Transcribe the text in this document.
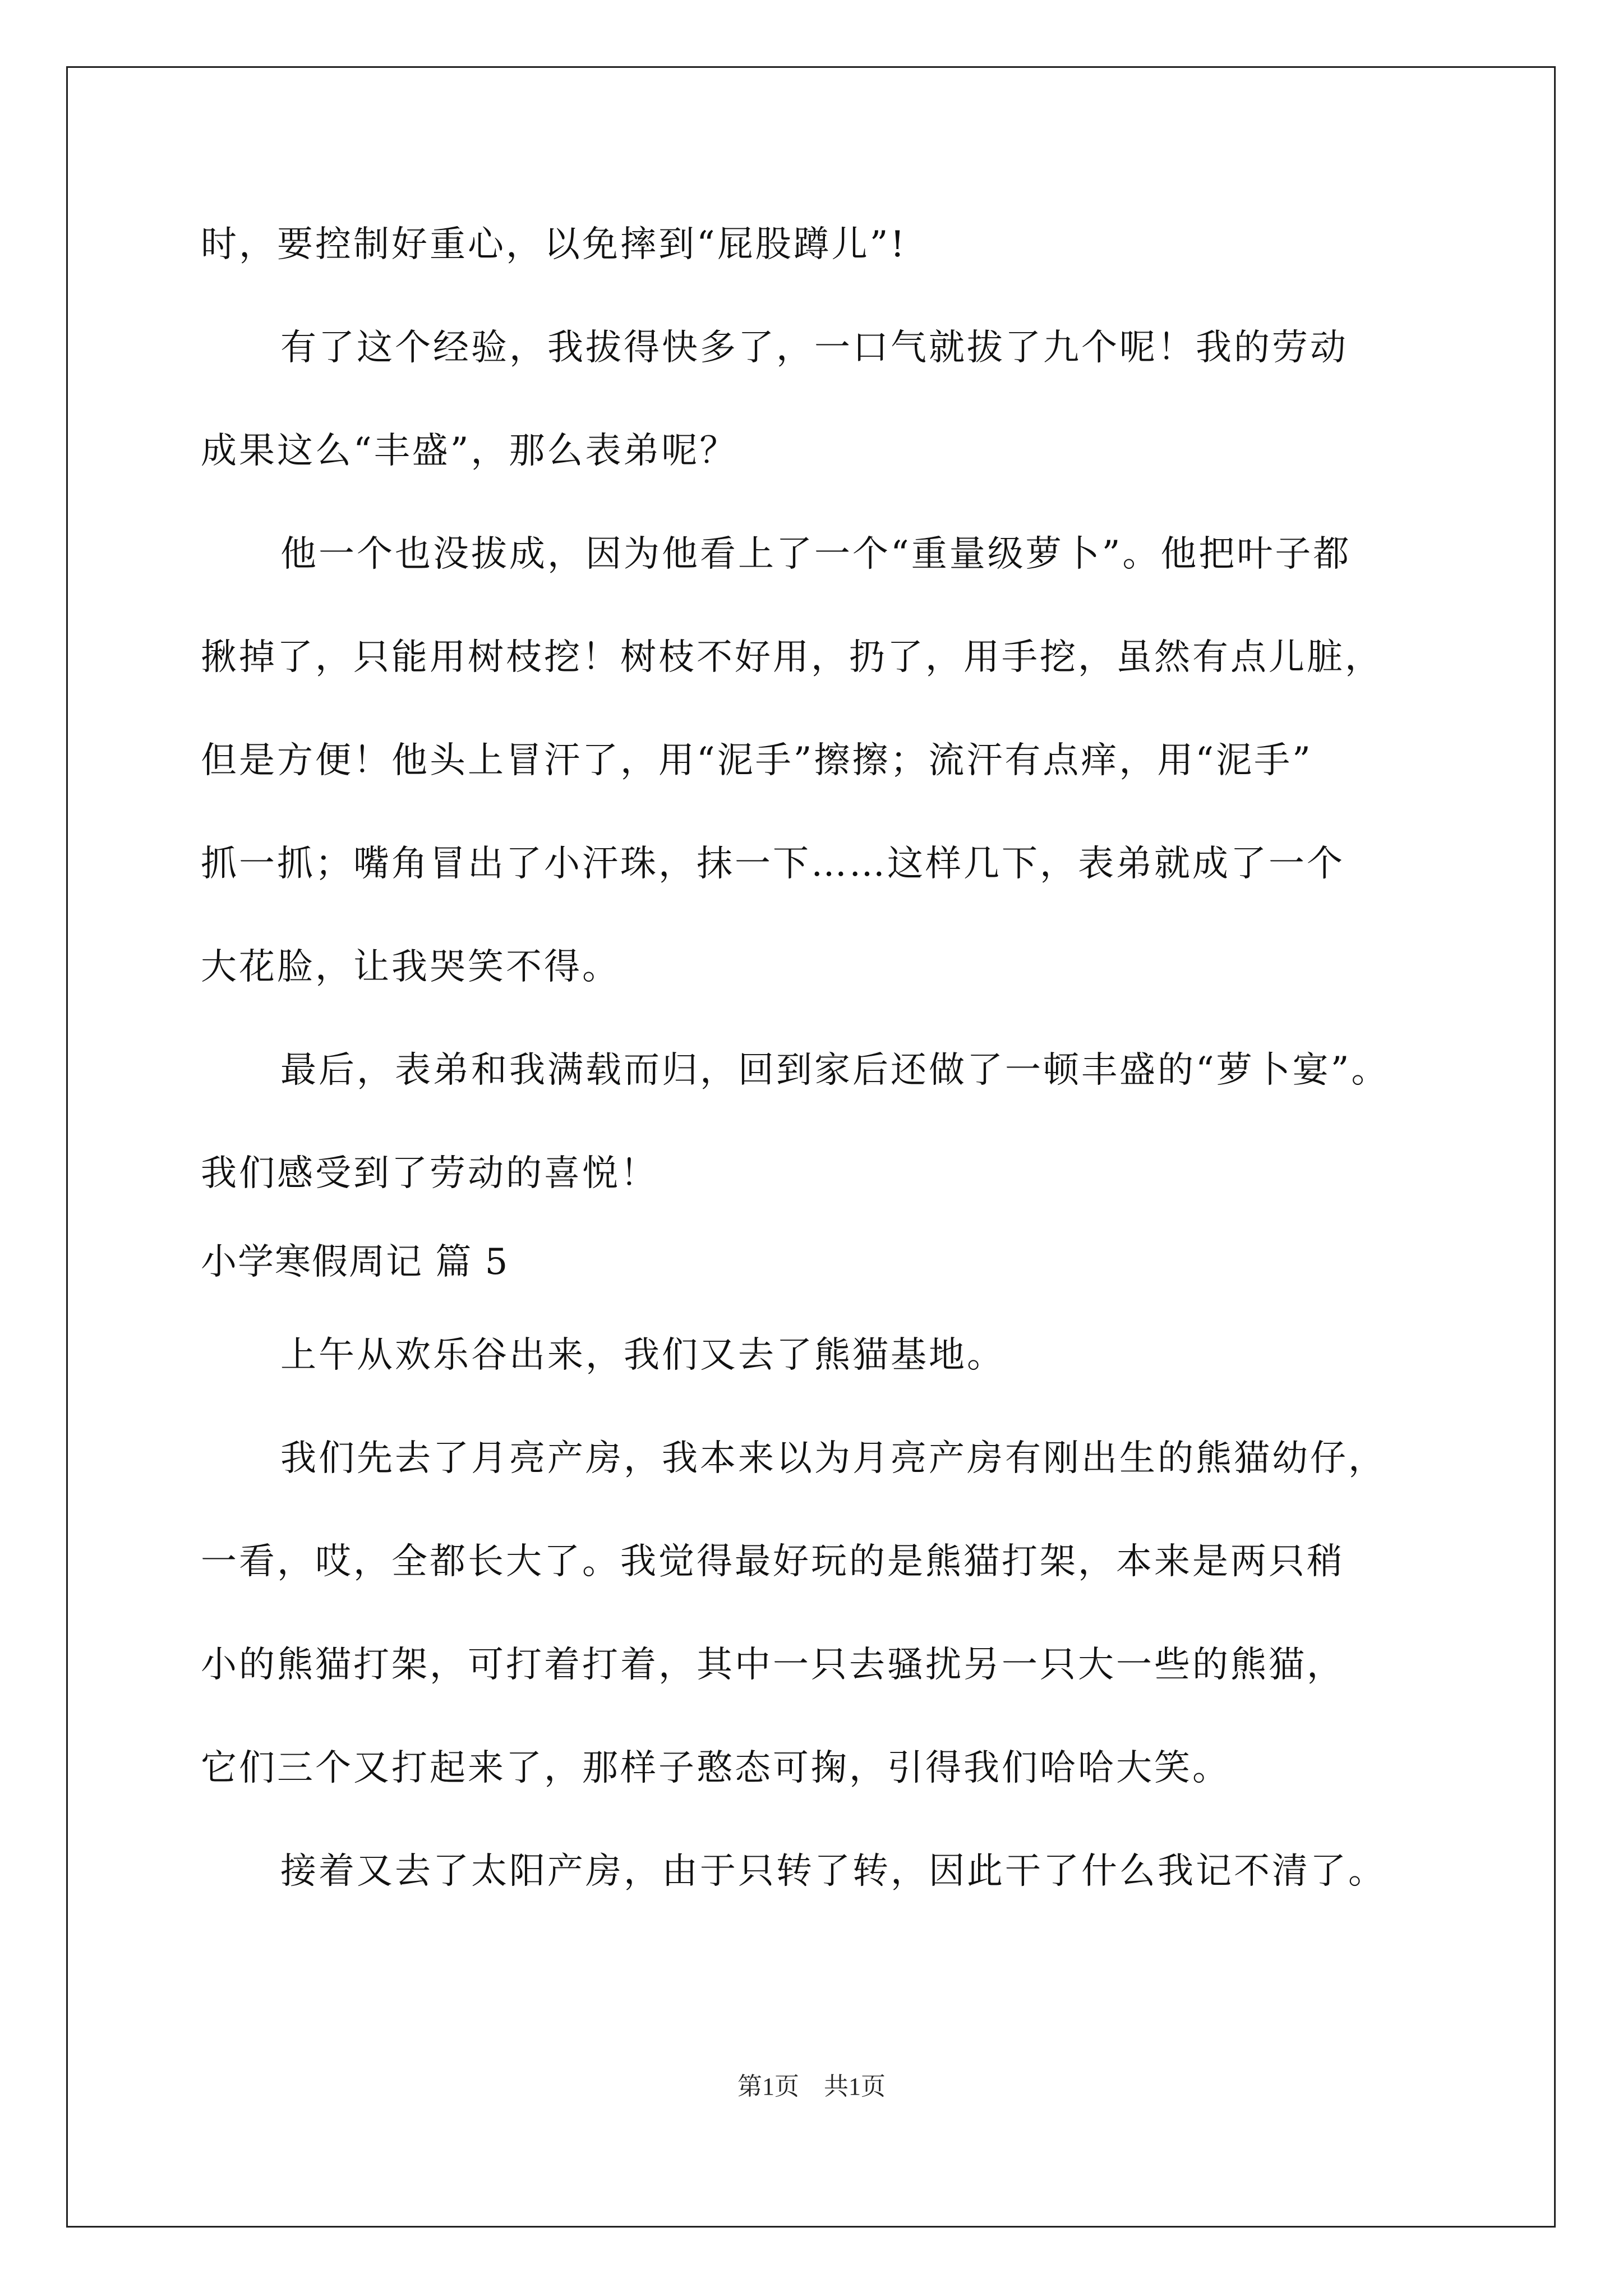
时，要控制好重心，以免摔到“屁股蹲儿”!
有了这个经验，我拔得快多了，一口气就拔了九个呢！我的劳动
成果这么“丰盛”，那么表弟呢？
他一个也没拔成，因为他看上了一个“重量级萝卜”。他把叶子都
揪掉了，只能用树枝挖！树枝不好用，扔了，用手挖，虽然有点儿脏，
但是方便！他头上冒汗了，用“泥手”擦擦；流汗有点痒，用“泥手”
抓一抓；嘴角冒出了小汗珠，抹一下……这样几下，表弟就成了一个
大花脸，让我哭笑不得。
最后，表弟和我满载而归，回到家后还做了一顿丰盛的“萝卜宴”。
我们感受到了劳动的喜悦！
小学寒假周记 篇 5
上午从欢乐谷出来，我们又去了熊猫基地。
我们先去了月亮产房，我本来以为月亮产房有刚出生的熊猫幼仔，
一看，哎，全都长大了。我觉得最好玩的是熊猫打架，本来是两只稍
小的熊猫打架，可打着打着，其中一只去骚扰另一只大一些的熊猫，
它们三个又打起来了，那样子憨态可掬，引得我们哈哈大笑。
接着又去了太阳产房，由于只转了转，因此干了什么我记不清了。
第1页　共1页
